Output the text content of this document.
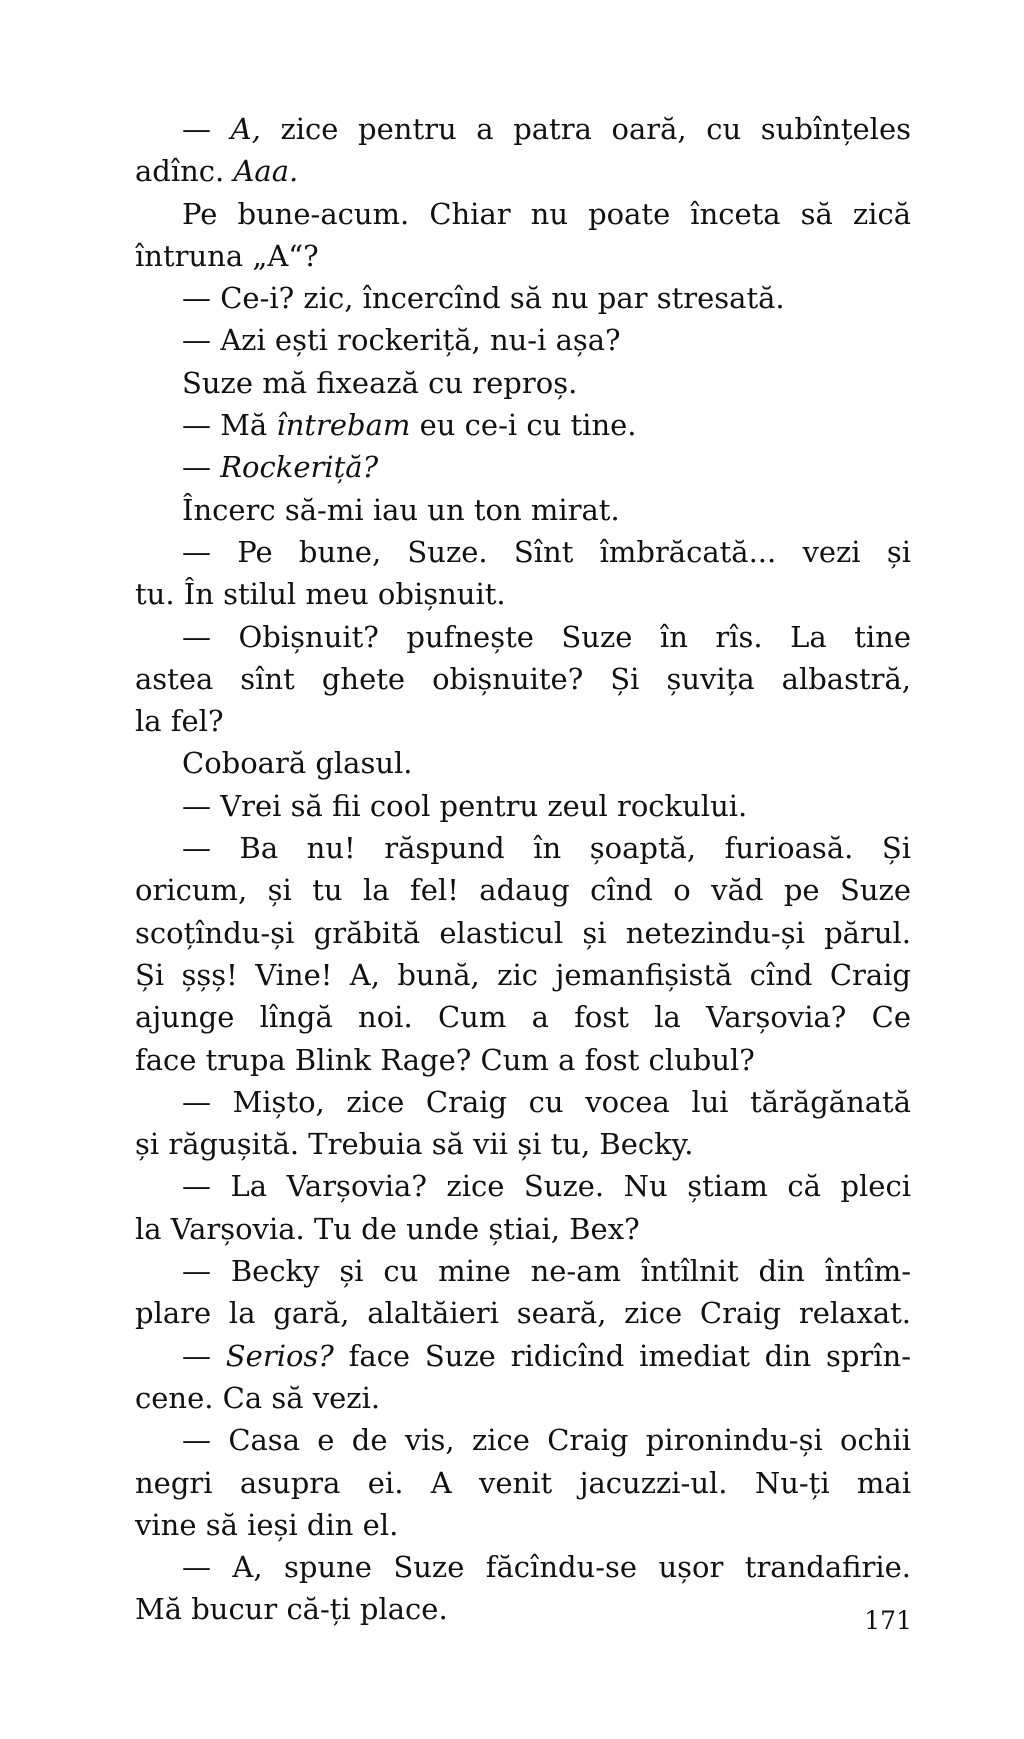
— A, zice pentru a patra oară, cu subînțeles
adînc. Aaa.
Pe bune-acum. Chiar nu poate înceta să zică
întruna „A“?
— Ce-i? zic, încercînd să nu par stresată.
— Azi ești rockeriță, nu-i așa?
Suze mă fixează cu reproș.
— Mă întrebam eu ce-i cu tine.
— Rockeriță?
Încerc să-mi iau un ton mirat.
— Pe bune, Suze. Sînt îmbrăcată... vezi și
tu. În stilul meu obișnuit.
— Obișnuit? pufnește Suze în rîs. La tine
astea sînt ghete obișnuite? Și șuvița albastră,
la fel?
Coboară glasul.
— Vrei să fii cool pentru zeul rockului.
— Ba nu! răspund în șoaptă, furioasă. Și
oricum, și tu la fel! adaug cînd o văd pe Suze
scoțîndu-și grăbită elasticul și netezindu-și părul.
Și șșș! Vine! A, bună, zic jemanfișistă cînd Craig
ajunge lîngă noi. Cum a fost la Varșovia? Ce
face trupa Blink Rage? Cum a fost clubul?
— Mișto, zice Craig cu vocea lui tărăgănată
și răgușită. Trebuia să vii și tu, Becky.
— La Varșovia? zice Suze. Nu știam că pleci
la Varșovia. Tu de unde știai, Bex?
— Becky și cu mine ne-am întîlnit din întîm-
plare la gară, alaltăieri seară, zice Craig relaxat.
— Serios? face Suze ridicînd imediat din sprîn-
cene. Ca să vezi.
— Casa e de vis, zice Craig pironindu-și ochii
negri asupra ei. A venit jacuzzi-ul. Nu-ți mai
vine să ieși din el.
— A, spune Suze făcîndu-se ușor trandafirie.
Mă bucur că-ți place.	171
